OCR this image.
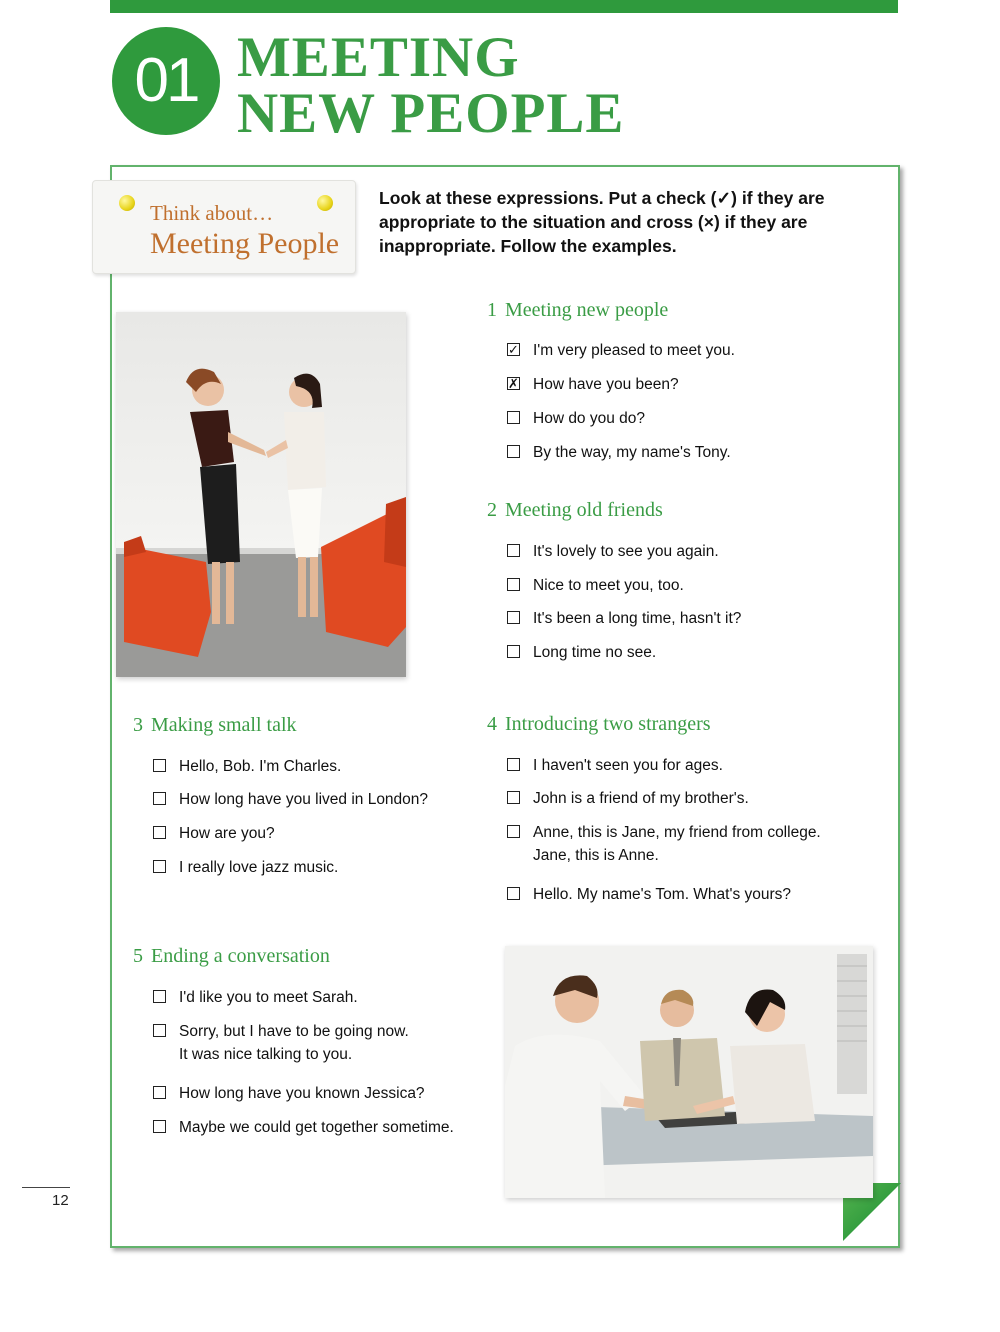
01 MEETING
NEW PEOPLE
Think about…
Meeting People

Look at these expressions. Put a check (✓) if they are appropriate to the situation and cross (×) if they are inappropriate. Follow the examples.

1 Meeting new people
✓ I'm very pleased to meet you.
✗ How have you been?
How do you do?
By the way, my name's Tony.
2 Meeting old friends
It's lovely to see you again.
Nice to meet you, too.
It's been a long time, hasn't it?
Long time no see.
3 Making small talk
Hello, Bob. I'm Charles.
How long have you lived in London?
How are you?
I really love jazz music.
4 Introducing two strangers
I haven't seen you for ages.
John is a friend of my brother's.
Anne, this is Jane, my friend from college.
Jane, this is Anne.
Hello. My name's Tom. What's yours?
5 Ending a conversation
I'd like you to meet Sarah.
Sorry, but I have to be going now.
It was nice talking to you.
How long have you known Jessica?
Maybe we could get together sometime.
12
